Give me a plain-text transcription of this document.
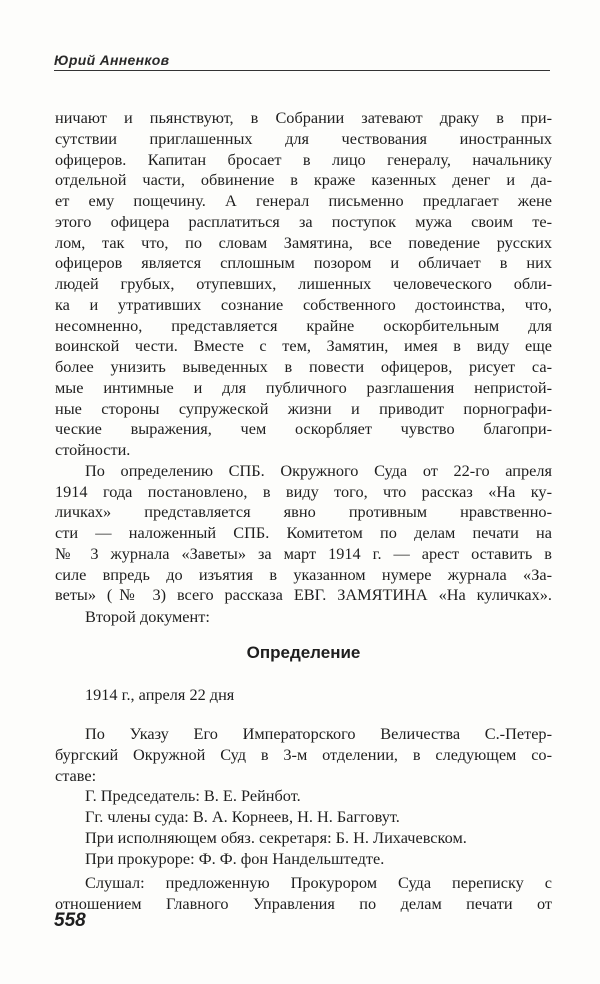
Юрий Анненков
ничают и пьянствуют, в Собрании затевают драку в при-
сутствии приглашенных для чествования иностранных
офицеров. Капитан бросает в лицо генералу, начальнику
отдельной части, обвинение в краже казенных денег и да-
ет ему пощечину. А генерал письменно предлагает жене
этого офицера расплатиться за поступок мужа своим те-
лом, так что, по словам Замятина, все поведение русских
офицеров является сплошным позором и обличает в них
людей грубых, отупевших, лишенных человеческого обли-
ка и утративших сознание собственного достоинства, что,
несомненно, представляется крайне оскорбительным для
воинской чести. Вместе с тем, Замятин, имея в виду еще
более унизить выведенных в повести офицеров, рисует са-
мые интимные и для публичного разглашения непристой-
ные стороны супружеской жизни и приводит порнографи-
ческие выражения, чем оскорбляет чувство благопри-
стойности.
По определению СПБ. Окружного Суда от 22-го апреля
1914 года постановлено, в виду того, что рассказ «На ку-
личках» представляется явно противным нравственно-
сти — наложенный СПБ. Комитетом по делам печати на
№ 3 журнала «Заветы» за март 1914 г. — арест оставить в
силе впредь до изъятия в указанном нумере журнала «За-
веты» (№ 3) всего рассказа ЕВГ. ЗАМЯТИНА «На куличках».
Второй документ:
Определение
1914 г., апреля 22 дня
По Указу Его Императорского Величества С.-Петер-
бургский Окружной Суд в 3-м отделении, в следующем со-
ставе:
Г. Председатель: В. Е. Рейнбот.
Гг. члены суда: В. А. Корнеев, Н. Н. Багговут.
При исполняющем обяз. секретаря: Б. Н. Лихачевском.
При прокуроре: Ф. Ф. фон Нандельштедте.
Слушал: предложенную Прокурором Суда переписку с
отношением Главного Управления по делам печати от
558
